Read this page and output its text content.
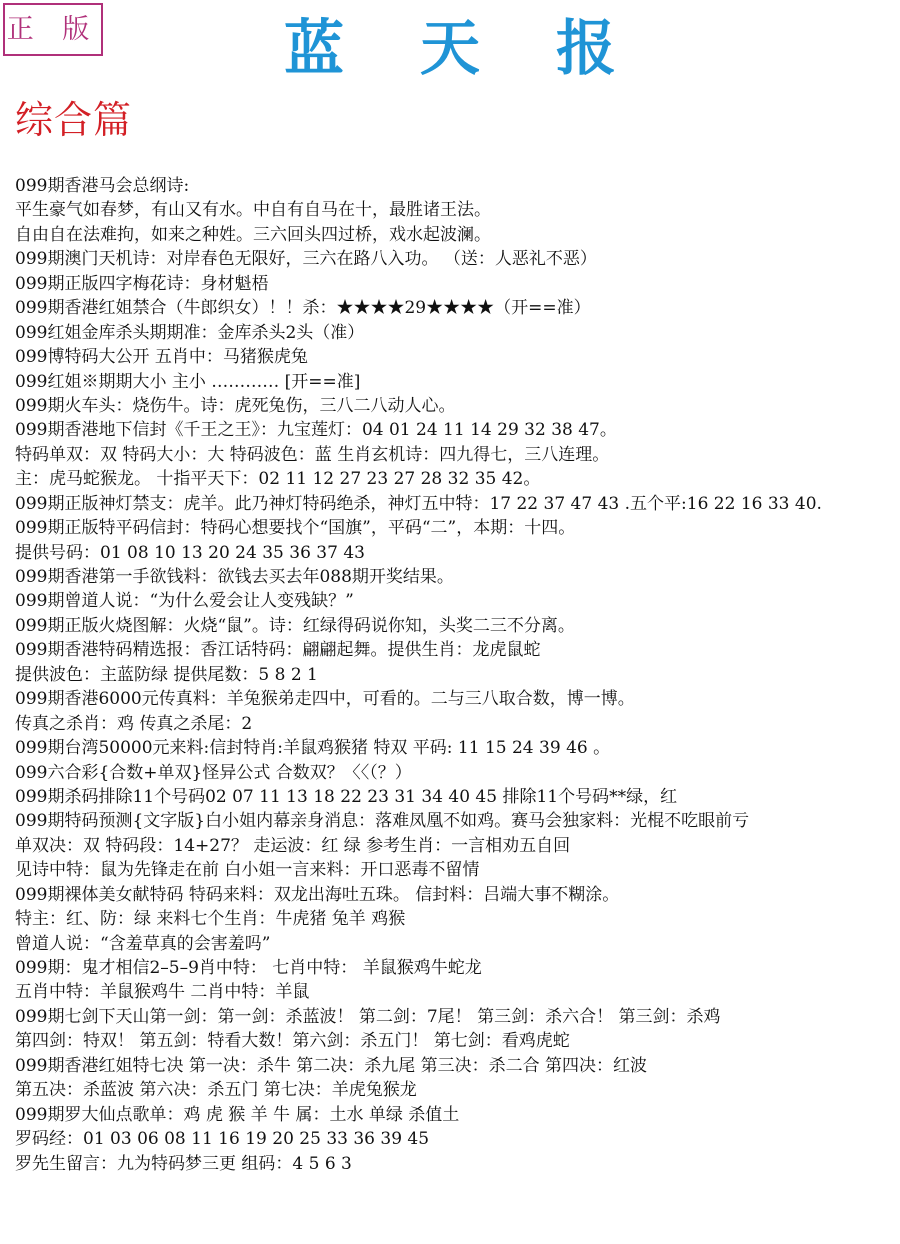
正 版	蓝天报
综合篇
099期香港马会总纲诗:
平生豪气如春梦，有山又有水。中自有自马在十，最胜诸王法。
自由自在法难拘，如来之种姓。三六回头四过桥，戏水起波澜。
099期澳门天机诗：对岸春色无限好，三六在路八入功。 （送：人恶礼不恶）
099期正版四字梅花诗：身材魁梧
099期香港红姐禁合（牛郎织女）！！杀：★★★★29★★★★（开==准）
099红姐金库杀头期期准：金库杀头2头（准）
099博特码大公开 五肖中：马猪猴虎兔
099红姐※期期大小 主小 ………… [开==准]
099期火车头：烧伤牛。诗：虎死兔伤，三八二八动人心。
099期香港地下信封《千王之王》：九宝莲灯：04 01 24 11 14 29 32 38 47。
特码单双：双 特码大小：大 特码波色：蓝 生肖玄机诗：四九得七，三八连理。
主：虎马蛇猴龙。 十指平天下：02 11 12 27 23 27 28 32 35 42。
099期正版神灯禁支：虎羊。此乃神灯特码绝杀，神灯五中特：17 22 37 47 43 .五个平:16 22 16 33 40.
099期正版特平码信封：特码心想要找个“国旗”，平码“二”，本期：十四。
提供号码：01 08 10 13 20 24 35 36 37 43
099期香港第一手欲钱料：欲钱去买去年088期开奖结果。
099期曾道人说：“为什么爱会让人变残缺？”
099期正版火烧图解：火烧“鼠”。诗：红绿得码说你知，头奖二三不分离。
099期香港特码精选报：香江话特码：翩翩起舞。提供生肖：龙虎鼠蛇
提供波色：主蓝防绿 提供尾数：5 8 2 1
099期香港6000元传真料：羊兔猴弟走四中，可看的。二与三八取合数，博一博。
传真之杀肖：鸡 传真之杀尾：2
099期台湾50000元来料:信封特肖:羊鼠鸡猴猪 特双 平码: 11 15 24 39 46 。
099六合彩{合数+单双}怪异公式 合数双？〈〈（？）
099期杀码排除11个号码02 07 11 13 18 22 23 31 34 40 45 排除11个号码**绿，红
099期特码预测{文字版}白小姐内幕亲身消息：落难凤凰不如鸡。赛马会独家料：光棍不吃眼前亏
单双决：双 特码段：14+27？ 走运波：红 绿 参考生肖：一言相劝五自回
见诗中特：鼠为先锋走在前 白小姐一言来料：开口恶毒不留情
099期裸体美女献特码 特码来料：双龙出海吐五珠。 信封料：吕端大事不糊涂。
特主：红、防：绿 来料七个生肖：牛虎猪 兔羊 鸡猴
曾道人说：“含羞草真的会害羞吗”
099期：鬼才相信2–5–9肖中特： 七肖中特： 羊鼠猴鸡牛蛇龙
五肖中特：羊鼠猴鸡牛 二肖中特：羊鼠
099期七剑下天山第一剑：第一剑：杀蓝波！ 第二剑：7尾！ 第三剑：杀六合！ 第三剑：杀鸡
第四剑：特双！ 第五剑：特看大数！第六剑：杀五门！ 第七剑：看鸡虎蛇
099期香港红姐特七决 第一决：杀牛 第二决：杀九尾 第三决：杀二合 第四决：红波
第五决：杀蓝波 第六决：杀五门 第七决：羊虎兔猴龙
099期罗大仙点歌单：鸡 虎 猴 羊 牛 属：土水 单绿 杀值土
罗码经：01 03 06 08 11 16 19 20 25 33 36 39 45
罗先生留言：九为特码梦三更 组码：4 5 6 3
